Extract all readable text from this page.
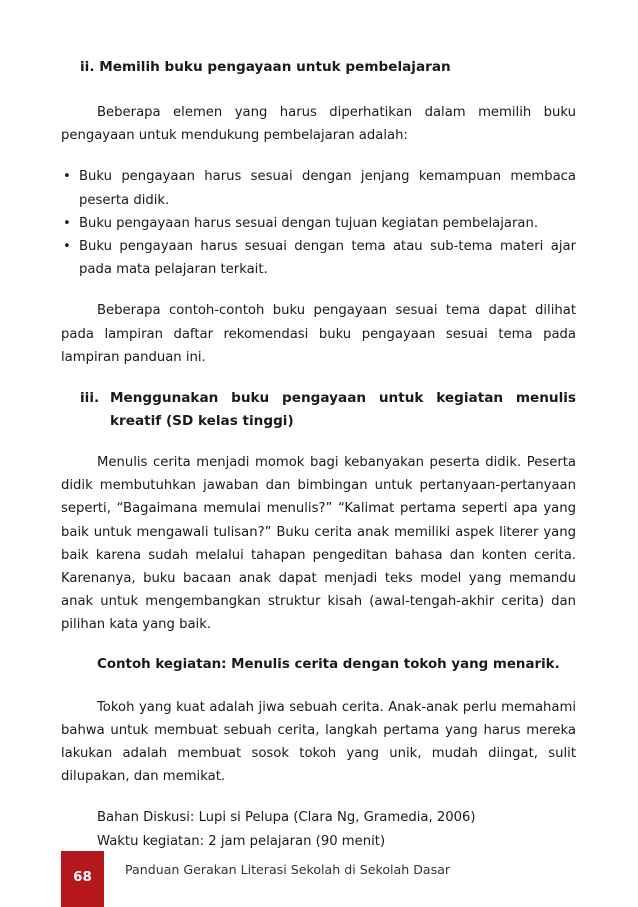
ii. Memilih buku pengayaan untuk pembelajaran

Beberapa elemen yang harus diperhatikan dalam memilih buku pengayaan untuk mendukung pembelajaran adalah:

• Buku pengayaan harus sesuai dengan jenjang kemampuan membaca peserta didik.
• Buku pengayaan harus sesuai dengan tujuan kegiatan pembelajaran.
• Buku pengayaan harus sesuai dengan tema atau sub-tema materi ajar pada mata pelajaran terkait.

Beberapa contoh-contoh buku pengayaan sesuai tema dapat dilihat pada lampiran daftar rekomendasi buku pengayaan sesuai tema pada lampiran panduan ini.

iii. Menggunakan buku pengayaan untuk kegiatan menulis kreatif (SD kelas tinggi)

Menulis cerita menjadi momok bagi kebanyakan peserta didik. Peserta didik membutuhkan jawaban dan bimbingan untuk pertanyaan-pertanyaan seperti, “Bagaimana memulai menulis?” “Kalimat pertama seperti apa yang baik untuk mengawali tulisan?” Buku cerita anak memiliki aspek literer yang baik karena sudah melalui tahapan pengeditan bahasa dan konten cerita. Karenanya, buku bacaan anak dapat menjadi teks model yang memandu anak untuk mengembangkan struktur kisah (awal-tengah-akhir cerita) dan pilihan kata yang baik.

Contoh kegiatan: Menulis cerita dengan tokoh yang menarik.

Tokoh yang kuat adalah jiwa sebuah cerita. Anak-anak perlu memahami bahwa untuk membuat sebuah cerita, langkah pertama yang harus mereka lakukan adalah membuat sosok tokoh yang unik, mudah diingat, sulit dilupakan, dan memikat.

Bahan Diskusi: Lupi si Pelupa (Clara Ng, Gramedia, 2006)
Waktu kegiatan: 2 jam pelajaran (90 menit)
68
Panduan Gerakan Literasi Sekolah di Sekolah Dasar
